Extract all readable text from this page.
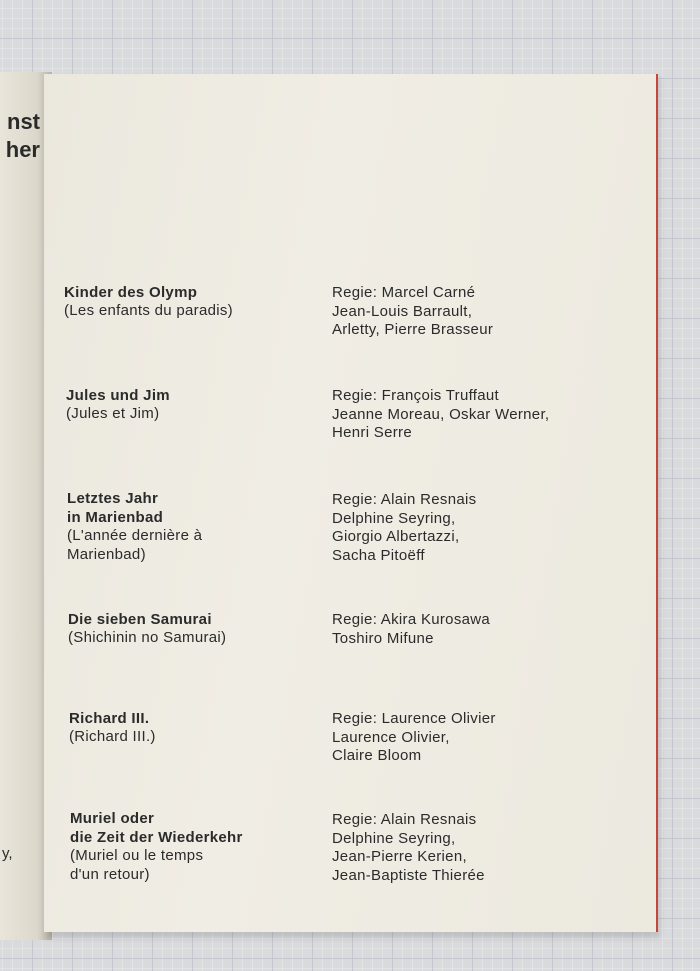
nst
her
y,
Kinder des Olymp
(Les enfants du paradis)
Regie: Marcel Carné
Jean-Louis Barrault,
Arletty, Pierre Brasseur
Jules und Jim
(Jules et Jim)
Regie: François Truffaut
Jeanne Moreau, Oskar Werner,
Henri Serre
Letztes Jahr
in Marienbad
(L'année dernière à
Marienbad)
Regie: Alain Resnais
Delphine Seyring,
Giorgio Albertazzi,
Sacha Pitoëff
Die sieben Samurai
(Shichinin no Samurai)
Regie: Akira Kurosawa
Toshiro Mifune
Richard III.
(Richard III.)
Regie: Laurence Olivier
Laurence Olivier,
Claire Bloom
Muriel oder
die Zeit der Wiederkehr
(Muriel ou le temps
d'un retour)
Regie: Alain Resnais
Delphine Seyring,
Jean-Pierre Kerien,
Jean-Baptiste Thierée
